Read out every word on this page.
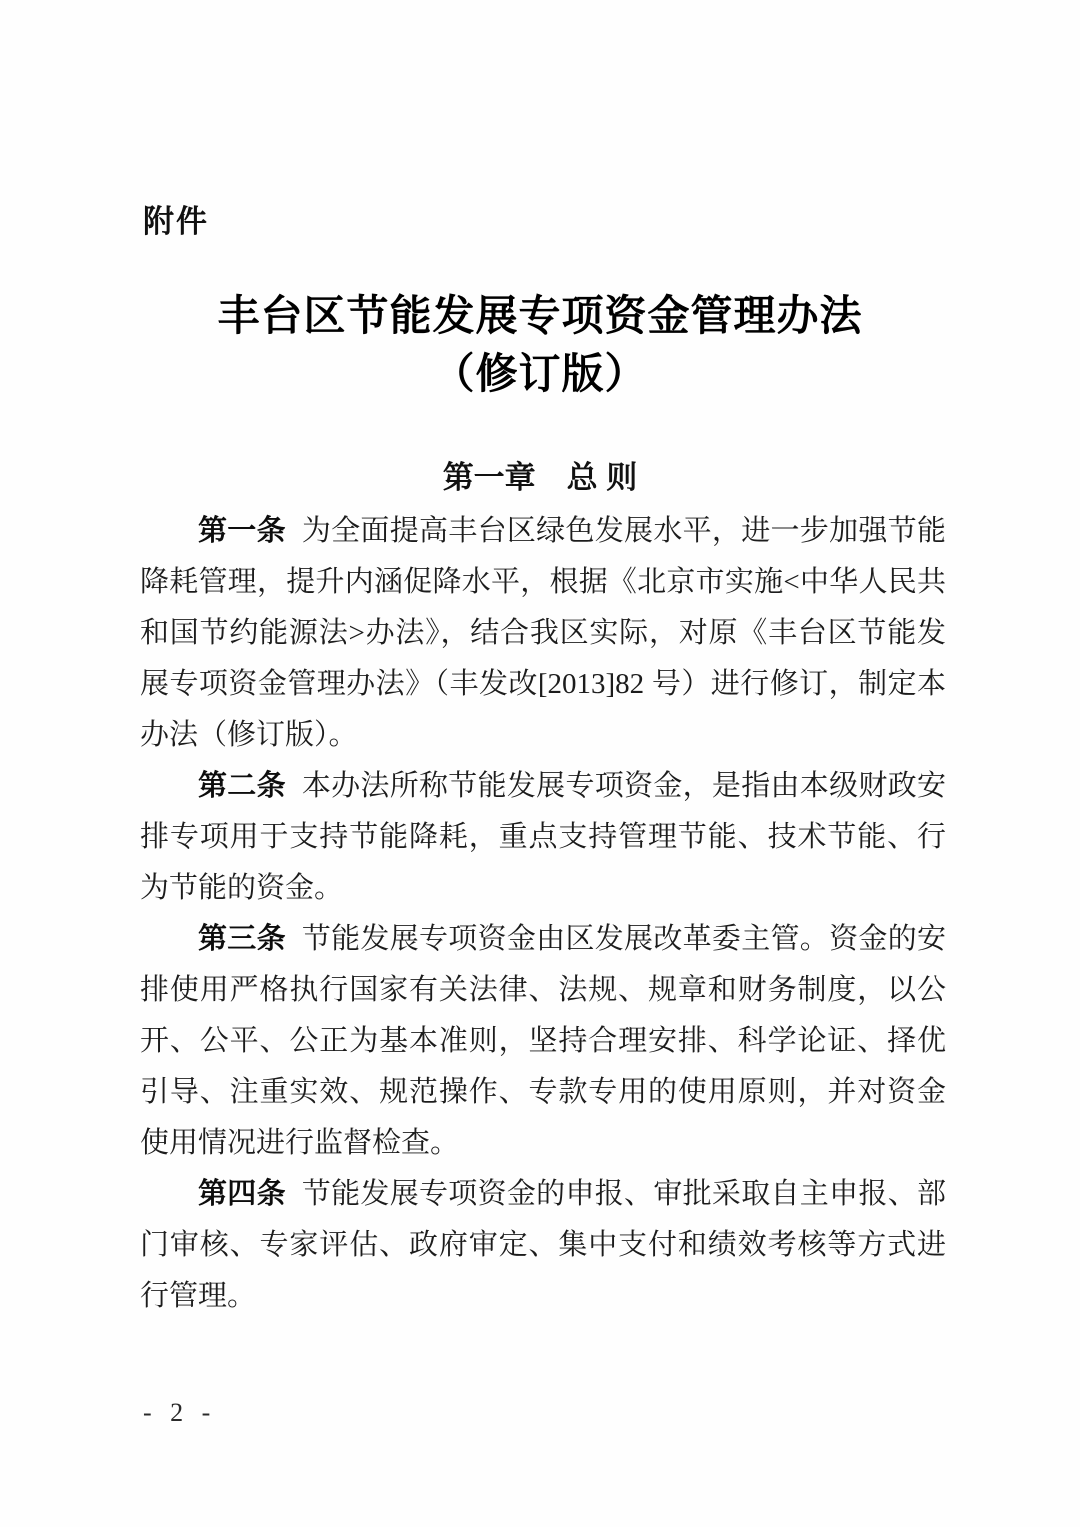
附件
丰台区节能发展专项资金管理办法
（修订版）
第一章　总 则

第一条 为全面提高丰台区绿色发展水平，进一步加强节能降耗管理，提升内涵促降水平，根据《北京市实施<中华人民共和国节约能源法>办法》，结合我区实际，对原《丰台区节能发展专项资金管理办法》（丰发改[2013]82 号）进行修订，制定本办法（修订版）。

第二条 本办法所称节能发展专项资金，是指由本级财政安排专项用于支持节能降耗，重点支持管理节能、技术节能、行为节能的资金。

第三条 节能发展专项资金由区发展改革委主管。资金的安排使用严格执行国家有关法律、法规、规章和财务制度，以公开、公平、公正为基本准则，坚持合理安排、科学论证、择优引导、注重实效、规范操作、专款专用的使用原则，并对资金使用情况进行监督检查。

第四条 节能发展专项资金的申报、审批采取自主申报、部门审核、专家评估、政府审定、集中支付和绩效考核等方式进行管理。

- 2 -
